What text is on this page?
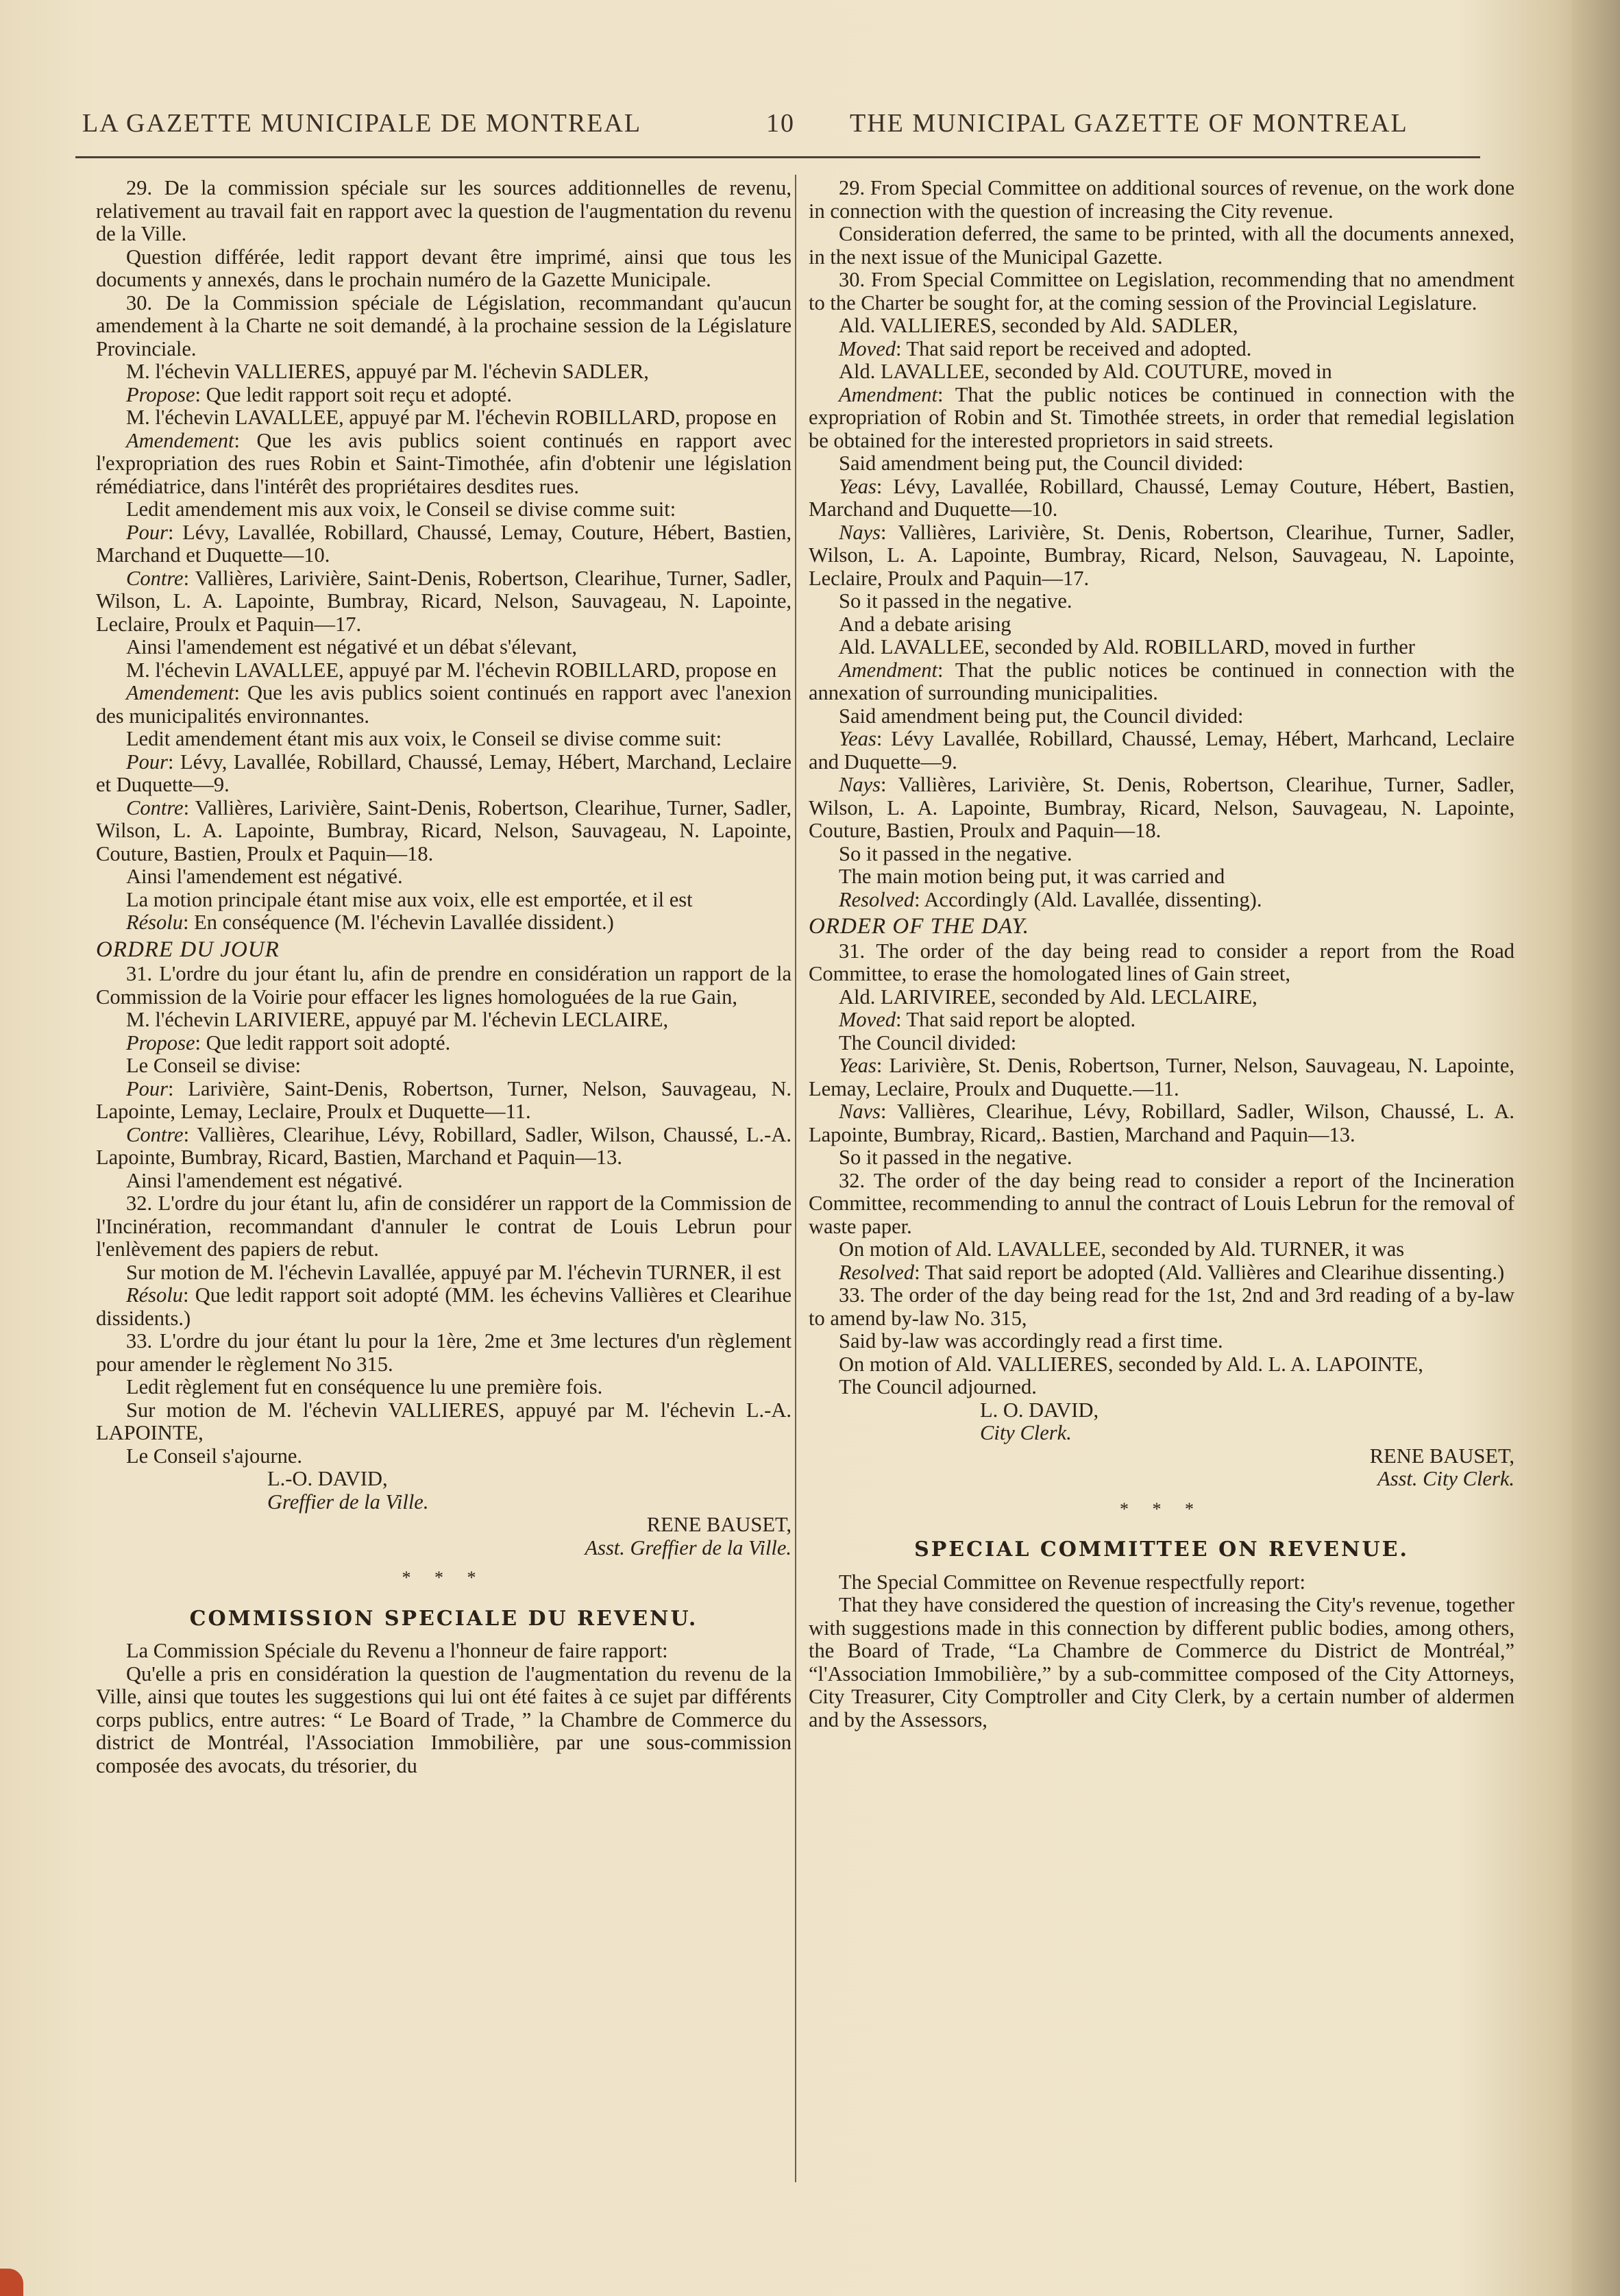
LA GAZETTE MUNICIPALE DE MONTREAL	10 THE MUNICIPAL GAZETTE OF MONTREAL

29. De la commission spéciale sur les sources additionnelles de revenu, relativement au travail fait en rapport avec la question de l'augmentation du revenu de la Ville.

Question différée, ledit rapport devant être imprimé, ainsi que tous les documents y annexés, dans le prochain numéro de la Gazette Municipale.

30. De la Commission spéciale de Législation, recommandant qu'aucun amendement à la Charte ne soit demandé, à la prochaine session de la Législature Provinciale.

M. l'échevin VALLIERES, appuyé par M. l'échevin SADLER,

Propose: Que ledit rapport soit reçu et adopté.

M. l'échevin LAVALLEE, appuyé par M. l'échevin ROBILLARD, propose en

Amendement: Que les avis publics soient continués en rapport avec l'expropriation des rues Robin et Saint-Timothée, afin d'obtenir une législation rémédiatrice, dans l'intérêt des propriétaires desdites rues.

Ledit amendement mis aux voix, le Conseil se divise comme suit:

Pour: Lévy, Lavallée, Robillard, Chaussé, Lemay, Couture, Hébert, Bastien, Marchand et Duquette—10.

Contre: Vallières, Larivière, Saint-Denis, Robertson, Clearihue, Turner, Sadler, Wilson, L. A. Lapointe, Bumbray, Ricard, Nelson, Sauvageau, N. Lapointe, Leclaire, Proulx et Paquin—17.

Ainsi l'amendement est négativé et un débat s'élevant,

M. l'échevin LAVALLEE, appuyé par M. l'échevin ROBILLARD, propose en

Amendement: Que les avis publics soient continués en rapport avec l'anexion des municipalités environnantes.

Ledit amendement étant mis aux voix, le Conseil se divise comme suit:

Pour: Lévy, Lavallée, Robillard, Chaussé, Lemay, Hébert, Marchand, Leclaire et Duquette—9.

Contre: Vallières, Larivière, Saint-Denis, Robertson, Clearihue, Turner, Sadler, Wilson, L. A. Lapointe, Bumbray, Ricard, Nelson, Sauvageau, N. Lapointe, Couture, Bastien, Proulx et Paquin—18.

Ainsi l'amendement est négativé.

La motion principale étant mise aux voix, elle est emportée, et il est

Résolu: En conséquence (M. l'échevin Lavallée dissident.)

ORDRE DU JOUR

31. L'ordre du jour étant lu, afin de prendre en considération un rapport de la Commission de la Voirie pour effacer les lignes homologuées de la rue Gain,

M. l'échevin LARIVIERE, appuyé par M. l'échevin LECLAIRE,

Propose: Que ledit rapport soit adopté.

Le Conseil se divise:

Pour: Larivière, Saint-Denis, Robertson, Turner, Nelson, Sauvageau, N. Lapointe, Lemay, Leclaire, Proulx et Duquette—11.

Contre: Vallières, Clearihue, Lévy, Robillard, Sadler, Wilson, Chaussé, L.-A. Lapointe, Bumbray, Ricard, Bastien, Marchand et Paquin—13.

Ainsi l'amendement est négativé.

32. L'ordre du jour étant lu, afin de considérer un rapport de la Commission de l'Incinération, recommandant d'annuler le contrat de Louis Lebrun pour l'enlèvement des papiers de rebut.

Sur motion de M. l'échevin Lavallée, appuyé par M. l'échevin TURNER, il est

Résolu: Que ledit rapport soit adopté (MM. les échevins Vallières et Clearihue dissidents.)

33. L'ordre du jour étant lu pour la 1ère, 2me et 3me lectures d'un règlement pour amender le règlement No 315.

Ledit règlement fut en conséquence lu une première fois.

Sur motion de M. l'échevin VALLIERES, appuyé par M. l'échevin L.-A. LAPOINTE,

Le Conseil s'ajourne.

L.-O. DAVID,

Greffier de la Ville.

RENE BAUSET,

Asst. Greffier de la Ville.

* * *
COMMISSION SPECIALE DU REVENU.

La Commission Spéciale du Revenu a l'honneur de faire rapport:

Qu'elle a pris en considération la question de l'augmentation du revenu de la Ville, ainsi que toutes les suggestions qui lui ont été faites à ce sujet par différents corps publics, entre autres: “ Le Board of Trade, ” la Chambre de Commerce du district de Montréal, l'Association Immobilière, par une sous-commission composée des avocats, du trésorier, du

29. From Special Committee on additional sources of revenue, on the work done in connection with the question of increasing the City revenue.

Consideration deferred, the same to be printed, with all the documents annexed, in the next issue of the Municipal Gazette.

30. From Special Committee on Legislation, recommending that no amendment to the Charter be sought for, at the coming session of the Provincial Legislature.

Ald. VALLIERES, seconded by Ald. SADLER,

Moved: That said report be received and adopted.

Ald. LAVALLEE, seconded by Ald. COUTURE, moved in

Amendment: That the public notices be continued in connection with the expropriation of Robin and St. Timothée streets, in order that remedial legislation be obtained for the interested proprietors in said streets.

Said amendment being put, the Council divided:

Yeas: Lévy, Lavallée, Robillard, Chaussé, Lemay Couture, Hébert, Bastien, Marchand and Duquette—10.

Nays: Vallières, Larivière, St. Denis, Robertson, Clearihue, Turner, Sadler, Wilson, L. A. Lapointe, Bumbray, Ricard, Nelson, Sauvageau, N. Lapointe, Leclaire, Proulx and Paquin—17.

So it passed in the negative.

And a debate arising

Ald. LAVALLEE, seconded by Ald. ROBILLARD, moved in further

Amendment: That the public notices be continued in connection with the annexation of surrounding municipalities.

Said amendment being put, the Council divided:

Yeas: Lévy Lavallée, Robillard, Chaussé, Lemay, Hébert, Marhcand, Leclaire and Duquette—9.

Nays: Vallières, Larivière, St. Denis, Robertson, Clearihue, Turner, Sadler, Wilson, L. A. Lapointe, Bumbray, Ricard, Nelson, Sauvageau, N. Lapointe, Couture, Bastien, Proulx and Paquin—18.

So it passed in the negative.

The main motion being put, it was carried and

Resolved: Accordingly (Ald. Lavallée, dissenting).

ORDER OF THE DAY.

31. The order of the day being read to consider a report from the Road Committee, to erase the homologated lines of Gain street,

Ald. LARIVIREE, seconded by Ald. LECLAIRE,

Moved: That said report be alopted.

The Council divided:

Yeas: Larivière, St. Denis, Robertson, Turner, Nelson, Sauvageau, N. Lapointe, Lemay, Leclaire, Proulx and Duquette.—11.

Navs: Vallières, Clearihue, Lévy, Robillard, Sadler, Wilson, Chaussé, L. A. Lapointe, Bumbray, Ricard,. Bastien, Marchand and Paquin—13.

So it passed in the negative.

32. The order of the day being read to consider a report of the Incineration Committee, recommending to annul the contract of Louis Lebrun for the removal of waste paper.

On motion of Ald. LAVALLEE, seconded by Ald. TURNER, it was

Resolved: That said report be adopted (Ald. Vallières and Clearihue dissenting.)

33. The order of the day being read for the 1st, 2nd and 3rd reading of a by-law to amend by-law No. 315,

Said by-law was accordingly read a first time.

On motion of Ald. VALLIERES, seconded by Ald. L. A. LAPOINTE,

The Council adjourned.

L. O. DAVID,

City Clerk.

RENE BAUSET,

Asst. City Clerk.

* * *
SPECIAL COMMITTEE ON REVENUE.

The Special Committee on Revenue respectfully report:

That they have considered the question of increasing the City's revenue, together with suggestions made in this connection by different public bodies, among others, the Board of Trade, “La Chambre de Commerce du District de Montréal,” “l'Association Immobilière,” by a sub-committee composed of the City Attorneys, City Treasurer, City Comptroller and City Clerk, by a certain number of aldermen and by the Assessors,
